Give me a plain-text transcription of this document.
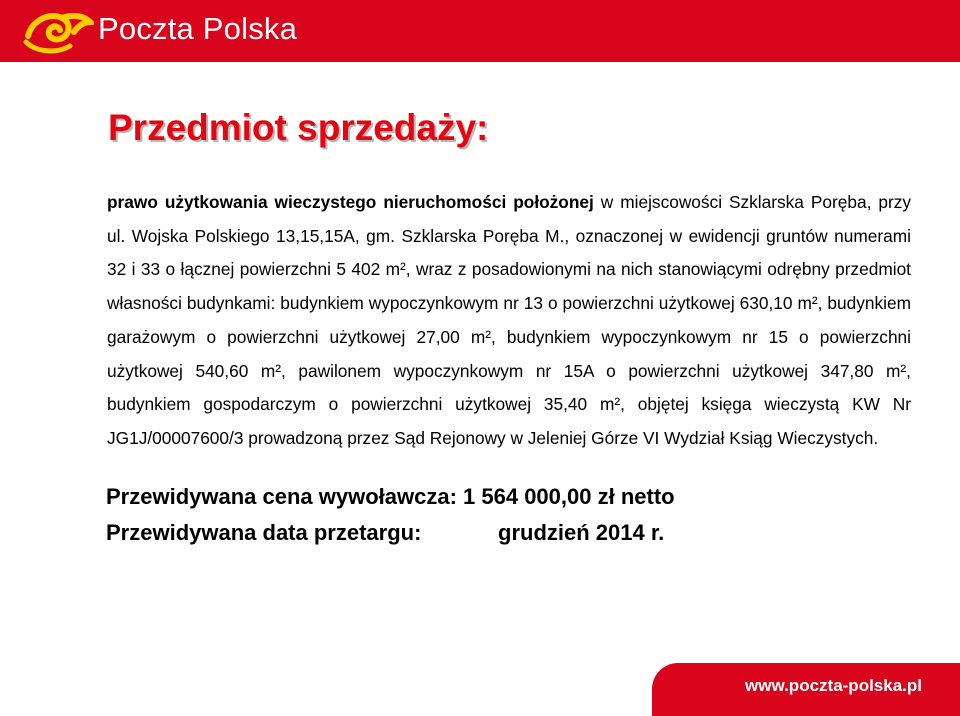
Poczta Polska
Przedmiot sprzedaży:

prawo użytkowania wieczystego nieruchomości położonej w miejscowości Szklarska Poręba, przy ul. Wojska Polskiego 13,15,15A, gm. Szklarska Poręba M., oznaczonej w ewidencji gruntów numerami 32 i 33 o łącznej powierzchni 5 402 m², wraz z posadowionymi na nich stanowiącymi odrębny przedmiot własności budynkami: budynkiem wypoczynkowym nr 13 o powierzchni użytkowej 630,10 m², budynkiem garażowym o powierzchni użytkowej 27,00 m², budynkiem wypoczynkowym nr 15 o powierzchni użytkowej 540,60 m², pawilonem wypoczynkowym nr 15A o powierzchni użytkowej 347,80 m², budynkiem gospodarczym o powierzchni użytkowej 35,40 m², objętej księga wieczystą KW Nr JG1J/00007600/3 prowadzoną przez Sąd Rejonowy w Jeleniej Górze VI Wydział Ksiąg Wieczystych.

Przewidywana cena wywoławcza: 1 564 000,00 zł netto

Przewidywana data przetargu:	grudzień 2014 r.

www.poczta-polska.pl
